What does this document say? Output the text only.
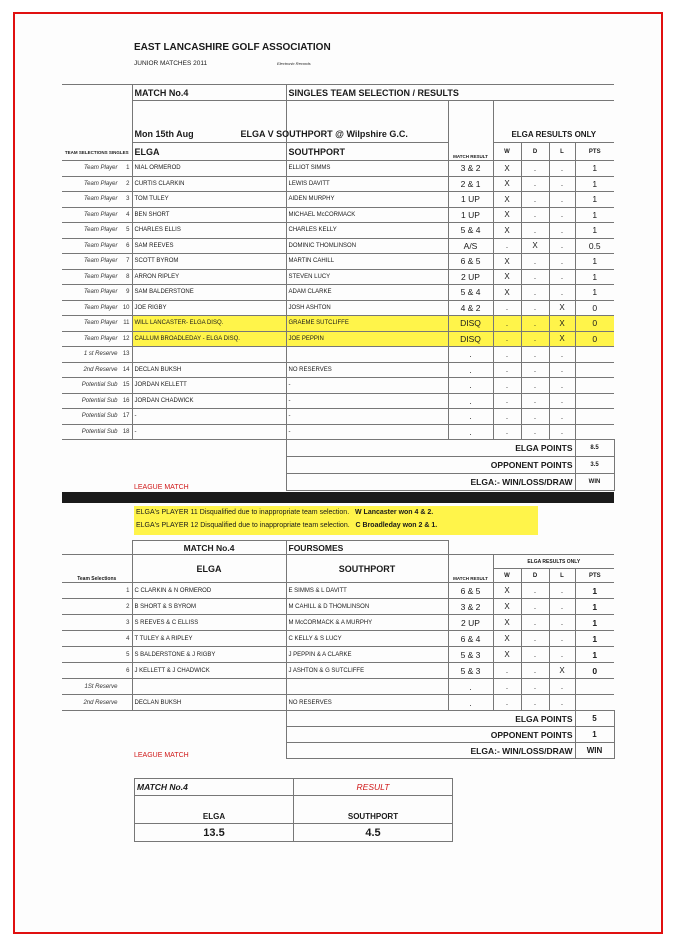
EAST LANCASHIRE GOLF ASSOCIATION
JUNIOR MATCHES 2011	Electronic Records
TEAM SELECTIONS SINGLES	MATCH No.4	SINGLES TEAM SELECTION / RESULTS					
			MATCH RESULT				
	Mon 15th Aug	ELGA V SOUTHPORT @ Wilpshire G.C.		ELGA RESULTS ONLY			
	ELGA	SOUTHPORT		W	D	L	PTS
Team Player 1	NIAL ORMEROD	ELLIOT SIMMS	3 & 2	X	.	.	1
Team Player 2	CURTIS CLARKIN	LEWIS DAVITT	2 & 1	X	.	.	1
Team Player 3	TOM TULEY	AIDEN MURPHY	1 UP	X	.	.	1
Team Player 4	BEN SHORT	MICHAEL McCORMACK	1 UP	X	.	.	1
Team Player 5	CHARLES ELLIS	CHARLES KELLY	5 & 4	X	.	.	1
Team Player 6	SAM REEVES	DOMINIC THOMLINSON	A/S	.	X	.	0.5
Team Player 7	SCOTT BYROM	MARTIN CAHILL	6 & 5	X	.	.	1
Team Player 8	ARRON RIPLEY	STEVEN LUCY	2 UP	X	.	.	1
Team Player 9	SAM BALDERSTONE	ADAM CLARKE	5 & 4	X	.	.	1
Team Player 10	JOE RIGBY	JOSH ASHTON	4 & 2	.	.	X	0
Team Player 11	WILL LANCASTER- ELGA DISQ.	GRAEME SUTCLIFFE	DISQ	.	.	X	0
Team Player 12	CALLUM BROADLEDAY - ELGA DISQ.	JOE PEPPIN	DISQ	.	.	X	0
1 st Reserve 13			.	.	.	.	
2nd Reserve 14	DECLAN BUKSH	NO RESERVES	.	.	.	.	
Potential Sub 15	JORDAN KELLETT	-	.	.	.	.	
Potential Sub 16	JORDAN CHADWICK	-	.	.	.	.	
Potential Sub 17	-	-	.	.	.	.	
Potential Sub 18	-	-	.	.	.	.	
LEAGUE MATCH		ELGA POINTS					8.5
		OPPONENT POINTS					3.5
		ELGA:- WIN/LOSS/DRAW					WIN
ELGA's PLAYER 11 Disqualified due to inappropriate team selection. W Lancaster won 4 & 2.
ELGA's PLAYER 12 Disqualified due to inappropriate team selection. C Broadleday won 2 & 1.
	MATCH No.4	FOURSOMES					
Team Selections	ELGA	SOUTHPORT	MATCH RESULT	ELGA RESULTS ONLY			
				W	D	L	PTS
1	C CLARKIN & N ORMEROD	E SIMMS & L DAVITT	6 & 5	X	.	.	1
2	B SHORT & S BYROM	M CAHILL & D THOMLINSON	3 & 2	X	.	.	1
3	S REEVES & C ELLISS	M McCORMACK & A MURPHY	2 UP	X	.	.	1
4	T TULEY & A RIPLEY	C KELLY & S LUCY	6 & 4	X	.	.	1
5	S BALDERSTONE & J RIGBY	J PEPPIN & A CLARKE	5 & 3	X	.	.	1
6	J KELLETT & J CHADWICK	J ASHTON & G SUTCLIFFE	5 & 3	.	.	X	0
1St Reserve			.	.	.	.	
2nd Reserve	DECLAN BUKSH	NO RESERVES	.	.	.	.	
LEAGUE MATCH		ELGA POINTS					5
		OPPONENT POINTS					1
		ELGA:- WIN/LOSS/DRAW					WIN
MATCH No.4	RESULT

ELGA	SOUTHPORT
13.5	4.5
